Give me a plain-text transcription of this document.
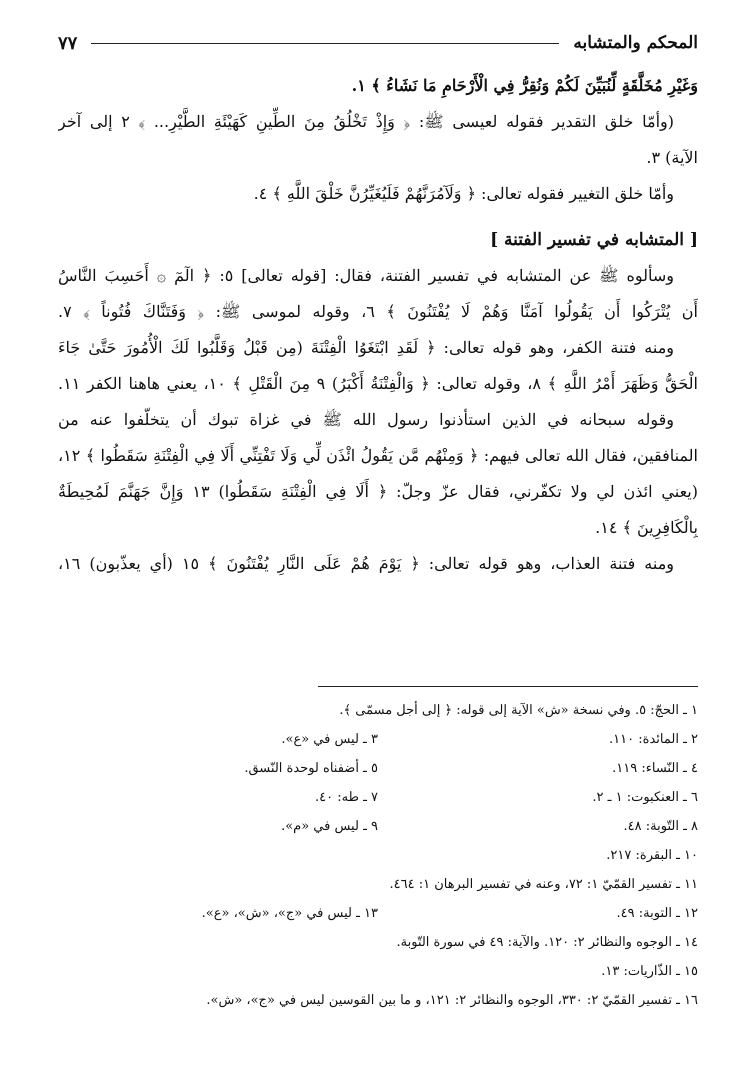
المحكم والمتشابه
٧٧
وَغَيْرِ مُخَلَّقَةٍ لِّنُبَيِّنَ لَكُمْ وَنُقِرُّ فِي الْأَرْحَامِ مَا نَشَاءُ ﴾ ١.
(وأمّا خلق التقدير فقوله لعيسى ﷺ: ﴿ وَإِذْ تَخْلُقُ مِنَ الطِّينِ كَهَيْئَةِ الطَّيْرِ... ﴾ ٢ إلى آخر
الآية) ٣.
وأمّا خلق التغيير فقوله تعالى: ﴿ وَلَآمُرَنَّهُمْ فَلَيُغَيِّرُنَّ خَلْقَ اللَّهِ ﴾ ٤.
[ المتشابه في تفسير الفتنة ]
وسألوه ﷺ عن المتشابه في تفسير الفتنة، فقال: [قوله تعالى] ٥: ﴿ الٓمٓ ۞ أَحَسِبَ النَّاسُ
أَن يُتْرَكُوا أَن يَقُولُوا آمَنَّا وَهُمْ لَا يُفْتَنُونَ ﴾ ٦، وقوله لموسى ﷺ: ﴿ وَفَتَنَّاكَ فُتُوناً ﴾ ٧.
ومنه فتنة الكفر، وهو قوله تعالى: ﴿ لَقَدِ ابْتَغَوُا الْفِتْنَةَ (مِن قَبْلُ وَقَلَّبُوا لَكَ الْأُمُورَ حَتَّىٰ جَاءَ
الْحَقُّ وَظَهَرَ أَمْرُ اللَّهِ ﴾ ٨، وقوله تعالى: ﴿ وَالْفِتْنَةُ أَكْبَرُ) ٩ مِنَ الْقَتْلِ ﴾ ١٠، يعني هاهنا الكفر ١١.
وقوله سبحانه في الذين استأذنوا رسول الله ﷺ في غزاة تبوك أن يتخلّفوا عنه من
المنافقين، فقال الله تعالى فيهم: ﴿ وَمِنْهُم مَّن يَقُولُ ائْذَن لِّي وَلَا تَفْتِنِّي أَلَا فِي الْفِتْنَةِ سَقَطُوا ﴾ ١٢،
(يعني ائذن لي ولا تكفّرني، فقال عزّ وجلّ: ﴿ أَلَا فِي الْفِتْنَةِ سَقَطُوا) ١٣ وَإِنَّ جَهَنَّمَ لَمُحِيطَةٌ
بِالْكَافِرِينَ ﴾ ١٤.
ومنه فتنة العذاب، وهو قوله تعالى: ﴿ يَوْمَ هُمْ عَلَى النَّارِ يُفْتَنُونَ ﴾ ١٥ (أي يعذّبون) ١٦،
١ ـ الحجّ: ٥. وفي نسخة «ش» الآية إلى قوله: ﴿ إلى أجل مسمّى ﴾.
٢ ـ المائدة: ١١٠.
٣ ـ ليس في «ع».
٤ ـ النّساء: ١١٩.
٥ ـ أضفناه لوحدة النّسق.
٦ ـ العنكبوت: ١ ـ ٢.
٧ ـ طه: ٤٠.
٨ ـ التّوبة: ٤٨.
٩ ـ ليس في «م».
١٠ ـ البقرة: ٢١٧.
١١ ـ تفسير القمّيّ ١: ٧٢، وعنه في تفسير البرهان ١: ٤٦٤.
١٢ ـ التوبة: ٤٩.
١٣ ـ ليس في «ج»، «ش»، «ع».
١٤ ـ الوجوه والنظائر ٢: ١٢٠. والآية: ٤٩ في سورة التّوبة.
١٥ ـ الذّاريات: ١٣.
١٦ ـ تفسير القمّيّ ٢: ٣٣٠، الوجوه والنظائر ٢: ١٢١، و ما بين القوسين ليس في «ج»، «ش».
